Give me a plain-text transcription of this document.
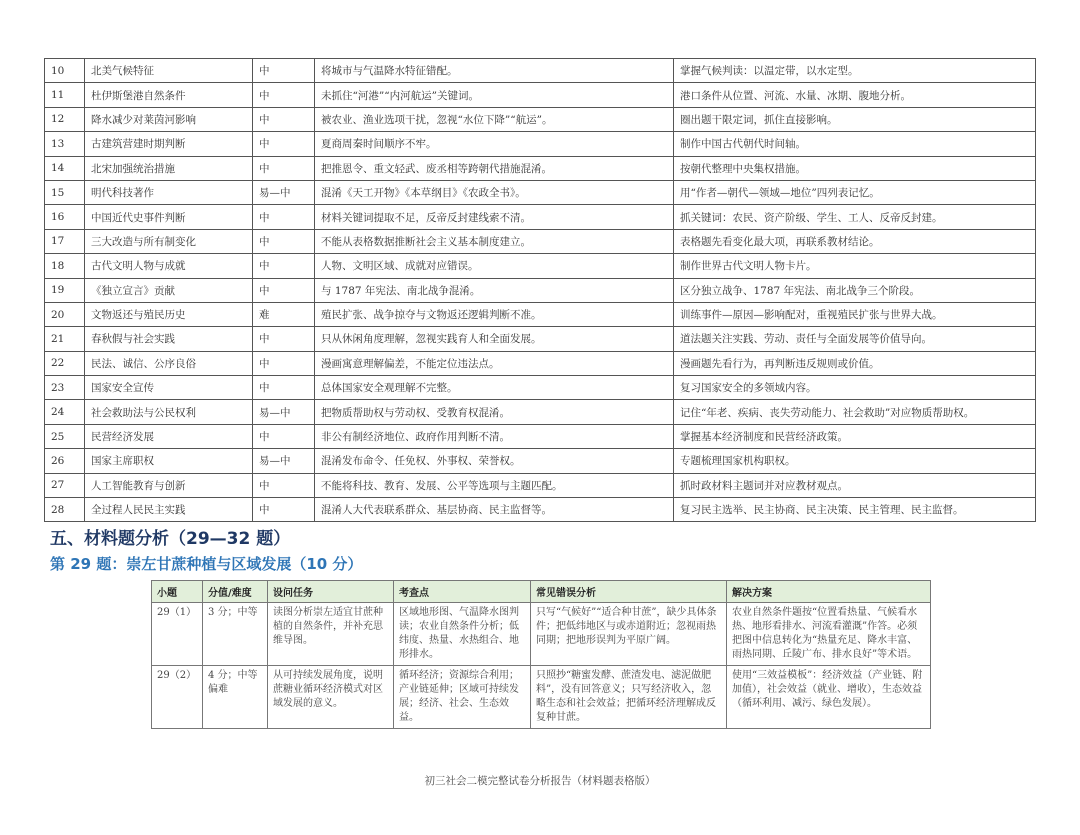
10	北美气候特征	中	将城市与气温降水特征错配。	掌握气候判读：以温定带，以水定型。
11	杜伊斯堡港自然条件	中	未抓住“河港”“内河航运”关键词。	港口条件从位置、河流、水量、冰期、腹地分析。
12	降水减少对莱茵河影响	中	被农业、渔业选项干扰，忽视“水位下降”“航运”。	圈出题干限定词，抓住直接影响。
13	古建筑营建时期判断	中	夏商周秦时间顺序不牢。	制作中国古代朝代时间轴。
14	北宋加强统治措施	中	把推恩令、重文轻武、废丞相等跨朝代措施混淆。	按朝代整理中央集权措施。
15	明代科技著作	易—中	混淆《天工开物》《本草纲目》《农政全书》。	用“作者—朝代—领域—地位”四列表记忆。
16	中国近代史事件判断	中	材料关键词提取不足，反帝反封建线索不清。	抓关键词：农民、资产阶级、学生、工人、反帝反封建。
17	三大改造与所有制变化	中	不能从表格数据推断社会主义基本制度建立。	表格题先看变化最大项，再联系教材结论。
18	古代文明人物与成就	中	人物、文明区域、成就对应错误。	制作世界古代文明人物卡片。
19	《独立宣言》贡献	中	与 1787 年宪法、南北战争混淆。	区分独立战争、1787 年宪法、南北战争三个阶段。
20	文物返还与殖民历史	难	殖民扩张、战争掠夺与文物返还逻辑判断不准。	训练事件—原因—影响配对，重视殖民扩张与世界大战。
21	春秋假与社会实践	中	只从休闲角度理解，忽视实践育人和全面发展。	道法题关注实践、劳动、责任与全面发展等价值导向。
22	民法、诚信、公序良俗	中	漫画寓意理解偏差，不能定位违法点。	漫画题先看行为，再判断违反规则或价值。
23	国家安全宣传	中	总体国家安全观理解不完整。	复习国家安全的多领域内容。
24	社会救助法与公民权利	易—中	把物质帮助权与劳动权、受教育权混淆。	记住“年老、疾病、丧失劳动能力、社会救助”对应物质帮助权。
25	民营经济发展	中	非公有制经济地位、政府作用判断不清。	掌握基本经济制度和民营经济政策。
26	国家主席职权	易—中	混淆发布命令、任免权、外事权、荣誉权。	专题梳理国家机构职权。
27	人工智能教育与创新	中	不能将科技、教育、发展、公平等选项与主题匹配。	抓时政材料主题词并对应教材观点。
28	全过程人民民主实践	中	混淆人大代表联系群众、基层协商、民主监督等。	复习民主选举、民主协商、民主决策、民主管理、民主监督。
五、材料题分析（29—32 题）
第 29 题：崇左甘蔗种植与区域发展（10 分）
小题	分值/难度	设问任务	考查点	常见错误分析	解决方案
29（1）	3 分；中等	读图分析崇左适宜甘蔗种植的自然条件，并补充思维导图。	区域地形图、气温降水图判读；农业自然条件分析；低纬度、热量、水热组合、地形排水。	只写“气候好”“适合种甘蔗”，缺少具体条件；把低纬地区与或赤道附近；忽视雨热同期；把地形误判为平原广阔。	农业自然条件题按“位置看热量、气候看水热、地形看排水、河流看灌溉”作答。必须把图中信息转化为“热量充足、降水丰富、雨热同期、丘陵广布、排水良好”等术语。
29（2）	4 分；中等偏难	从可持续发展角度，说明蔗糖业循环经济模式对区域发展的意义。	循环经济；资源综合利用；产业链延伸；区域可持续发展；经济、社会、生态效益。	只照抄“糖蜜发酵、蔗渣发电、滤泥做肥料”，没有回答意义；只写经济收入，忽略生态和社会效益；把循环经济理解成反复种甘蔗。	使用“三效益模板”：经济效益（产业链、附加值），社会效益（就业、增收），生态效益（循环利用、减污、绿色发展）。
初三社会二模完整试卷分析报告（材料题表格版）
